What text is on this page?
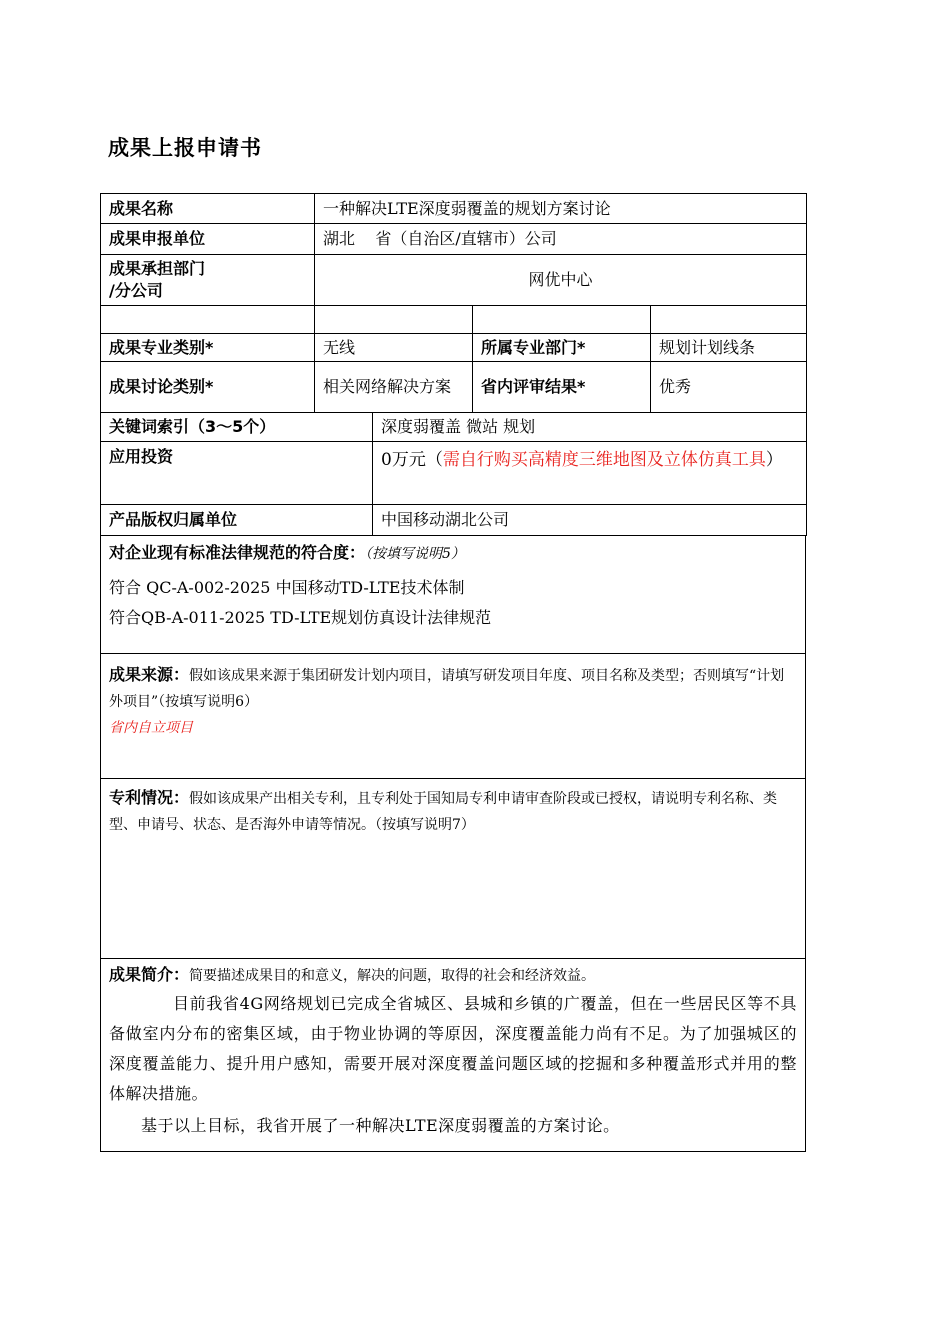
成果上报申请书
成果名称	一种解决LTE深度弱覆盖的规划方案讨论			
成果申报单位	湖北    省（自治区/直辖市）公司			

成果承担部门
/分公司	网优中心			

成果专业类别*	无线		所属专业部门*	规划计划线条
成果讨论类别*	相关网络解决方案		省内评审结果*	优秀
关键词索引（3～5个）		深度弱覆盖 微站 规划		
应用投资		0万元（需自行购买高精度三维地图及立体仿真工具）		
产品版权归属单位		中国移动湖北公司		
对企业现有标准法律规范的符合度：（按填写说明5）
符合 QC-A-002-2025 中国移动TD-LTE技术体制
符合QB-A-011-2025 TD-LTE规划仿真设计法律规范
成果来源：假如该成果来源于集团研发计划内项目，请填写研发项目年度、项目名称及类型；否则填写“计划外项目”（按填写说明6）
省内自立项目
专利情况：假如该成果产出相关专利，且专利处于国知局专利申请审查阶段或已授权，请说明专利名称、类型、申请号、状态、是否海外申请等情况。（按填写说明7）
成果简介：简要描述成果目的和意义，解决的问题，取得的社会和经济效益。
目前我省4G网络规划已完成全省城区、县城和乡镇的广覆盖，但在一些居民区等不具备做室内分布的密集区域，由于物业协调的等原因，深度覆盖能力尚有不足。为了加强城区的深度覆盖能力、提升用户感知，需要开展对深度覆盖问题区域的挖掘和多种覆盖形式并用的整体解决措施。
基于以上目标，我省开展了一种解决LTE深度弱覆盖的方案讨论。
